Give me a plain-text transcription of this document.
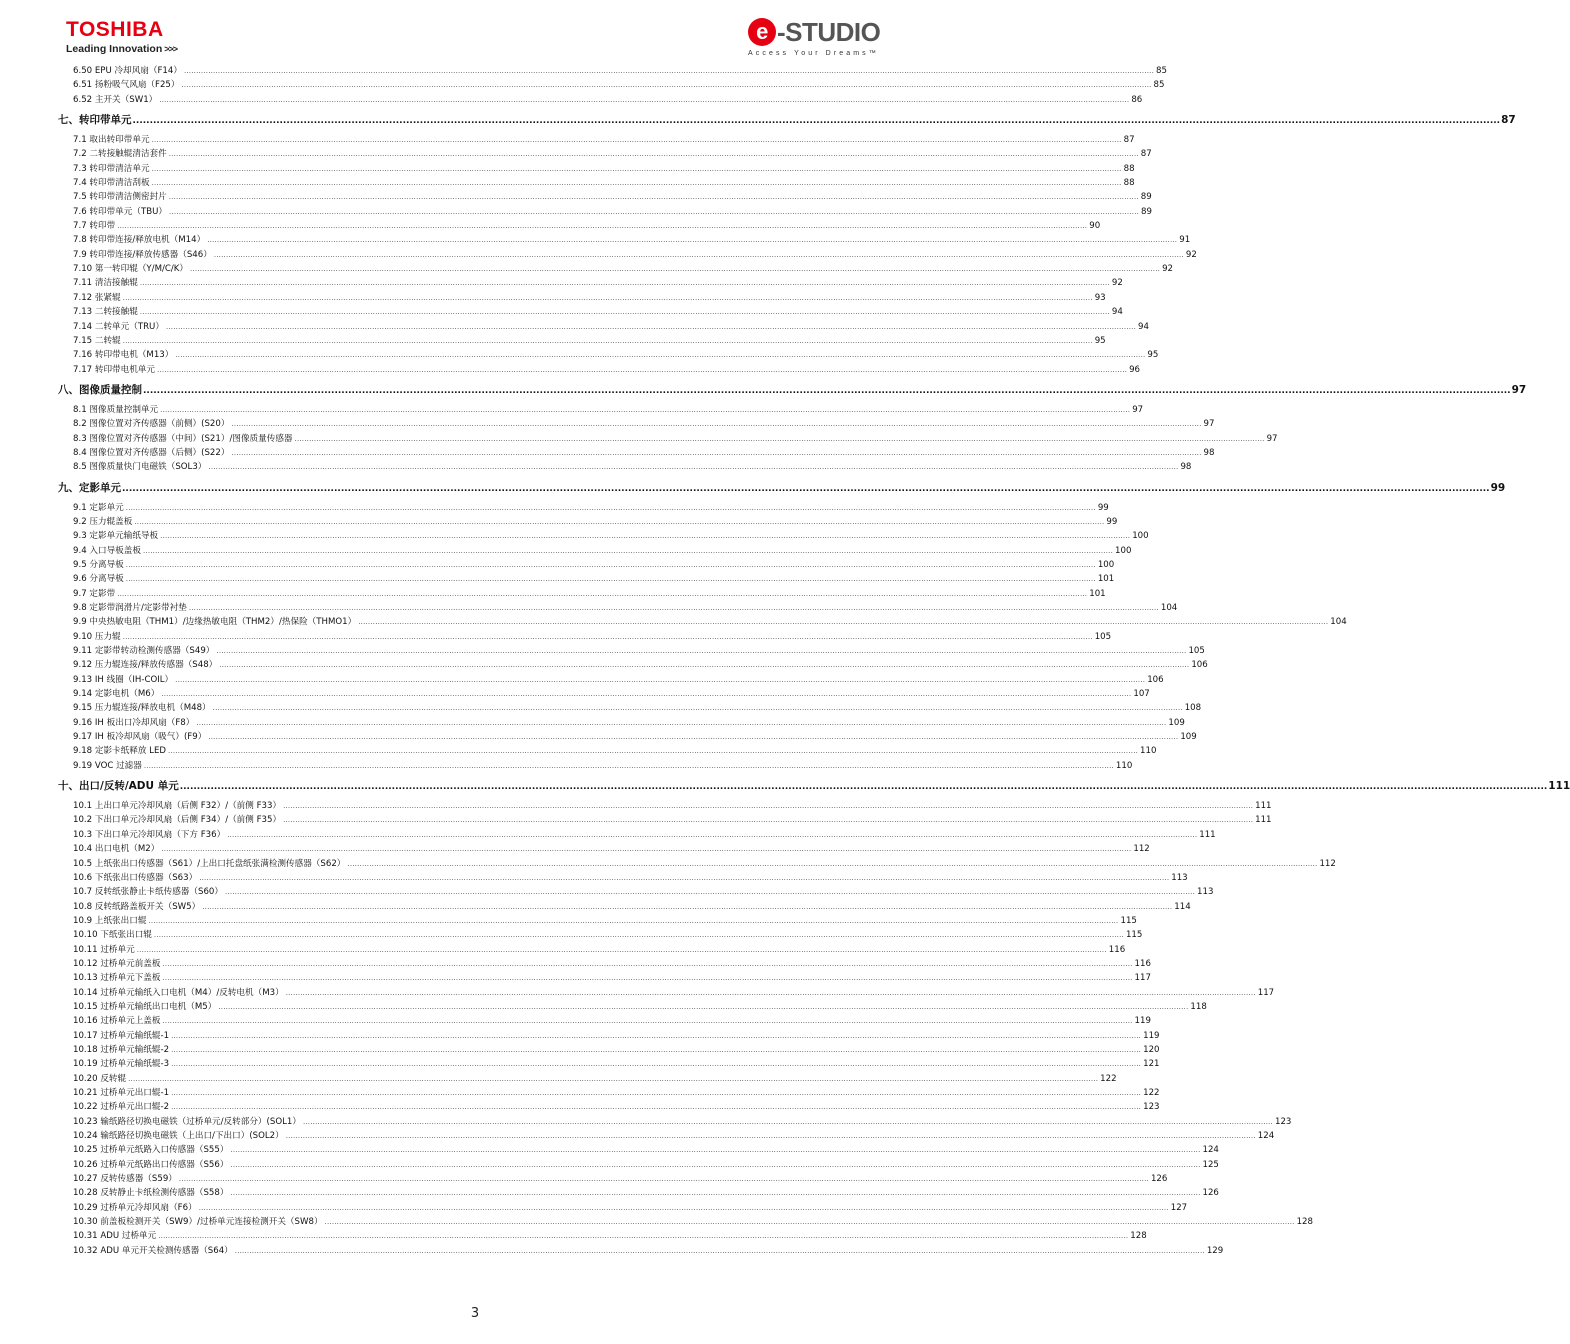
TOSHIBA
Leading Innovation >>>
e -STUDIO
Access Your Dreams™
6.50 EPU 冷却风扇（F14） ................................................................................................................................................................................................................................................................................................................................................................................................................ 85
6.51 扬粉吸气风扇（F25） ................................................................................................................................................................................................................................................................................................................................................................................................................ 85
6.52 主开关（SW1） ................................................................................................................................................................................................................................................................................................................................................................................................................ 86
七、转印带单元 ................................................................................................................................................................................................................................................................................................................................................................................................................ 87
7.1 取出转印带单元 ................................................................................................................................................................................................................................................................................................................................................................................................................ 87
7.2 二转接触辊清洁套件 ................................................................................................................................................................................................................................................................................................................................................................................................................ 87
7.3 转印带清洁单元 ................................................................................................................................................................................................................................................................................................................................................................................................................ 88
7.4 转印带清洁刮板 ................................................................................................................................................................................................................................................................................................................................................................................................................ 88
7.5 转印带清洁侧密封片 ................................................................................................................................................................................................................................................................................................................................................................................................................ 89
7.6 转印带单元（TBU） ................................................................................................................................................................................................................................................................................................................................................................................................................ 89
7.7 转印带 ................................................................................................................................................................................................................................................................................................................................................................................................................ 90
7.8 转印带连接/释放电机（M14） ................................................................................................................................................................................................................................................................................................................................................................................................................ 91
7.9 转印带连接/释放传感器（S46） ................................................................................................................................................................................................................................................................................................................................................................................................................ 92
7.10 第一转印辊（Y/M/C/K） ................................................................................................................................................................................................................................................................................................................................................................................................................ 92
7.11 清洁接触辊 ................................................................................................................................................................................................................................................................................................................................................................................................................ 92
7.12 张紧辊 ................................................................................................................................................................................................................................................................................................................................................................................................................ 93
7.13 二转接触辊 ................................................................................................................................................................................................................................................................................................................................................................................................................ 94
7.14 二转单元（TRU） ................................................................................................................................................................................................................................................................................................................................................................................................................ 94
7.15 二转辊 ................................................................................................................................................................................................................................................................................................................................................................................................................ 95
7.16 转印带电机（M13） ................................................................................................................................................................................................................................................................................................................................................................................................................ 95
7.17 转印带电机单元 ................................................................................................................................................................................................................................................................................................................................................................................................................ 96
八、图像质量控制 ................................................................................................................................................................................................................................................................................................................................................................................................................ 97
8.1 图像质量控制单元 ................................................................................................................................................................................................................................................................................................................................................................................................................ 97
8.2 图像位置对齐传感器（前侧）(S20） ................................................................................................................................................................................................................................................................................................................................................................................................................ 97
8.3 图像位置对齐传感器（中间）(S21）/图像质量传感器 ................................................................................................................................................................................................................................................................................................................................................................................................................ 97
8.4 图像位置对齐传感器（后侧）(S22） ................................................................................................................................................................................................................................................................................................................................................................................................................ 98
8.5 图像质量快门电磁铁（SOL3） ................................................................................................................................................................................................................................................................................................................................................................................................................ 98
九、定影单元 ................................................................................................................................................................................................................................................................................................................................................................................................................ 99
9.1 定影单元 ................................................................................................................................................................................................................................................................................................................................................................................................................ 99
9.2 压力辊盖板 ................................................................................................................................................................................................................................................................................................................................................................................................................ 99
9.3 定影单元输纸导板 ................................................................................................................................................................................................................................................................................................................................................................................................................ 100
9.4 入口导板盖板 ................................................................................................................................................................................................................................................................................................................................................................................................................ 100
9.5 分离导板 ................................................................................................................................................................................................................................................................................................................................................................................................................ 100
9.6 分离导板 ................................................................................................................................................................................................................................................................................................................................................................................................................ 101
9.7 定影带 ................................................................................................................................................................................................................................................................................................................................................................................................................ 101
9.8 定影带润滑片/定影带衬垫 ................................................................................................................................................................................................................................................................................................................................................................................................................ 104
9.9 中央热敏电阻（THM1）/边缘热敏电阻（THM2）/热保险（THMO1） ................................................................................................................................................................................................................................................................................................................................................................................................................ 104
9.10 压力辊 ................................................................................................................................................................................................................................................................................................................................................................................................................ 105
9.11 定影带转动检测传感器（S49） ................................................................................................................................................................................................................................................................................................................................................................................................................ 105
9.12 压力辊连接/释放传感器（S48） ................................................................................................................................................................................................................................................................................................................................................................................................................ 106
9.13 IH 线圈（IH-COIL） ................................................................................................................................................................................................................................................................................................................................................................................................................ 106
9.14 定影电机（M6） ................................................................................................................................................................................................................................................................................................................................................................................................................ 107
9.15 压力辊连接/释放电机（M48） ................................................................................................................................................................................................................................................................................................................................................................................................................ 108
9.16 IH 板出口冷却风扇（F8） ................................................................................................................................................................................................................................................................................................................................................................................................................ 109
9.17 IH 板冷却风扇（吸气）(F9） ................................................................................................................................................................................................................................................................................................................................................................................................................ 109
9.18 定影卡纸释放 LED ................................................................................................................................................................................................................................................................................................................................................................................................................ 110
9.19 VOC 过滤器 ................................................................................................................................................................................................................................................................................................................................................................................................................ 110
十、出口/反转/ADU 单元 ................................................................................................................................................................................................................................................................................................................................................................................................................ 111
10.1 上出口单元冷却风扇（后侧 F32）/（前侧 F33） ................................................................................................................................................................................................................................................................................................................................................................................................................ 111
10.2 下出口单元冷却风扇（后侧 F34）/（前侧 F35） ................................................................................................................................................................................................................................................................................................................................................................................................................ 111
10.3 下出口单元冷却风扇（下方 F36） ................................................................................................................................................................................................................................................................................................................................................................................................................ 111
10.4 出口电机（M2） ................................................................................................................................................................................................................................................................................................................................................................................................................ 112
10.5 上纸张出口传感器（S61）/上出口托盘纸张满检测传感器（S62） ................................................................................................................................................................................................................................................................................................................................................................................................................ 112
10.6 下纸张出口传感器（S63） ................................................................................................................................................................................................................................................................................................................................................................................................................ 113
10.7 反转纸张静止卡纸传感器（S60） ................................................................................................................................................................................................................................................................................................................................................................................................................ 113
10.8 反转纸路盖板开关（SW5） ................................................................................................................................................................................................................................................................................................................................................................................................................ 114
10.9 上纸张出口辊 ................................................................................................................................................................................................................................................................................................................................................................................................................ 115
10.10 下纸张出口辊 ................................................................................................................................................................................................................................................................................................................................................................................................................ 115
10.11 过桥单元 ................................................................................................................................................................................................................................................................................................................................................................................................................ 116
10.12 过桥单元前盖板 ................................................................................................................................................................................................................................................................................................................................................................................................................ 116
10.13 过桥单元下盖板 ................................................................................................................................................................................................................................................................................................................................................................................................................ 117
10.14 过桥单元输纸入口电机（M4）/反转电机（M3） ................................................................................................................................................................................................................................................................................................................................................................................................................ 117
10.15 过桥单元输纸出口电机（M5） ................................................................................................................................................................................................................................................................................................................................................................................................................ 118
10.16 过桥单元上盖板 ................................................................................................................................................................................................................................................................................................................................................................................................................ 119
10.17 过桥单元输纸辊-1 ................................................................................................................................................................................................................................................................................................................................................................................................................ 119
10.18 过桥单元输纸辊-2 ................................................................................................................................................................................................................................................................................................................................................................................................................ 120
10.19 过桥单元输纸辊-3 ................................................................................................................................................................................................................................................................................................................................................................................................................ 121
10.20 反转辊 ................................................................................................................................................................................................................................................................................................................................................................................................................ 122
10.21 过桥单元出口辊-1 ................................................................................................................................................................................................................................................................................................................................................................................................................ 122
10.22 过桥单元出口辊-2 ................................................................................................................................................................................................................................................................................................................................................................................................................ 123
10.23 输纸路径切换电磁铁（过桥单元/反转部分）(SOL1） ................................................................................................................................................................................................................................................................................................................................................................................................................ 123
10.24 输纸路径切换电磁铁（上出口/下出口）(SOL2） ................................................................................................................................................................................................................................................................................................................................................................................................................ 124
10.25 过桥单元纸路入口传感器（S55） ................................................................................................................................................................................................................................................................................................................................................................................................................ 124
10.26 过桥单元纸路出口传感器（S56） ................................................................................................................................................................................................................................................................................................................................................................................................................ 125
10.27 反转传感器（S59） ................................................................................................................................................................................................................................................................................................................................................................................................................ 126
10.28 反转静止卡纸检测传感器（S58） ................................................................................................................................................................................................................................................................................................................................................................................................................ 126
10.29 过桥单元冷却风扇（F6） ................................................................................................................................................................................................................................................................................................................................................................................................................ 127
10.30 前盖板检测开关（SW9）/过桥单元连接检测开关（SW8） ................................................................................................................................................................................................................................................................................................................................................................................................................ 128
10.31 ADU 过桥单元 ................................................................................................................................................................................................................................................................................................................................................................................................................ 128
10.32 ADU 单元开关检测传感器（S64） ................................................................................................................................................................................................................................................................................................................................................................................................................ 129
3
